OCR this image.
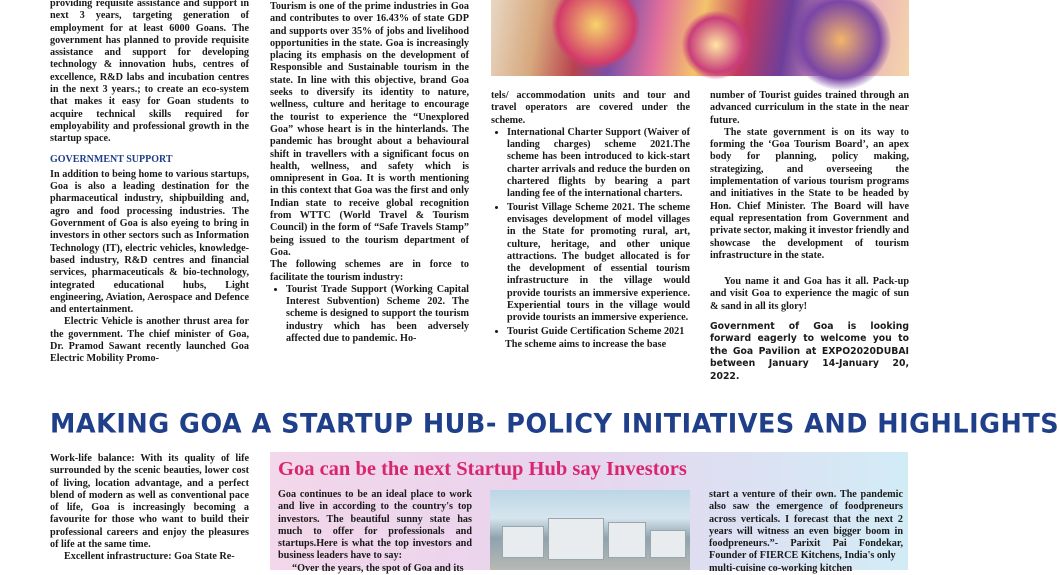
providing requisite assistance and support in next 3 years, targeting generation of employment for at least 6000 Goans. The government has planned to provide requisite assistance and support for developing technology & innovation hubs, centres of excellence, R&D labs and incubation centres in the next 3 years.; to create an eco-system that makes it easy for Goan students to acquire technical skills required for employability and professional growth in the startup space.

GOVERNMENT SUPPORT

In addition to being home to various startups, Goa is also a leading destination for the pharmaceutical industry, shipbuilding and, agro and food processing industries. The Government of Goa is also eyeing to bring in investors in other sectors such as Information Technology (IT), electric vehicles, knowledge-based industry, R&D centres and financial services, pharmaceuticals & bio-technology, integrated educational hubs, Light engineering, Aviation, Aerospace and Defence and entertainment.

Electric Vehicle is another thrust area for the government. The chief minister of Goa, Dr. Pramod Sawant recently launched Goa Electric Mobility Promo-

Tourism is one of the prime industries in Goa and contributes to over 16.43% of state GDP and supports over 35% of jobs and livelihood opportunities in the state. Goa is increasingly placing its emphasis on the development of Responsible and Sustainable tourism in the state. In line with this objective, brand Goa seeks to diversify its identity to nature, wellness, culture and heritage to encourage the tourist to experience the “Unexplored Goa” whose heart is in the hinterlands. The pandemic has brought about a behavioural shift in travellers with a significant focus on health, wellness, and safety which is omnipresent in Goa. It is worth mentioning in this context that Goa was the first and only Indian state to receive global recognition from WTTC (World Travel & Tourism Council) in the form of “Safe Travels Stamp” being issued to the tourism department of Goa.

The following schemes are in force to facilitate the tourism industry:

• Tourist Trade Support (Working Capital Interest Subvention) Scheme 202. The scheme is designed to support the tourism industry which has been adversely affected due to pandemic. Ho-

tels/ accommodation units and tour and travel operators are covered under the scheme.

• International Charter Support (Waiver of landing charges) scheme 2021.The scheme has been introduced to kick-start charter arrivals and reduce the burden on chartered flights by bearing a part landing fee of the international charters.
• Tourist Village Scheme 2021. The scheme envisages development of model villages in the State for promoting rural, art, culture, heritage, and other unique attractions. The budget allocated is for the development of essential tourism infrastructure in the village would provide tourists an immersive experience. Experiential tours in the village would provide tourists an immersive experience.
• Tourist Guide Certification Scheme 2021

The scheme aims to increase the base

number of Tourist guides trained through an advanced curriculum in the state in the near future.

The state government is on its way to forming the ‘Goa Tourism Board’, an apex body for planning, policy making, strategizing, and overseeing the implementation of various tourism programs and initiatives in the State to be headed by Hon. Chief Minister. The Board will have equal representation from Government and private sector, making it investor friendly and showcase the development of tourism infrastructure in the state.

You name it and Goa has it all. Pack-up and visit Goa to experience the magic of sun & sand in all its glory!

Government of Goa is looking forward eagerly to welcome you to the Goa Pavilion at EXPO2020DUBAI between January 14-January 20, 2022.

MAKING GOA A STARTUP HUB- POLICY INITIATIVES AND HIGHLIGHTS

Work-life balance: With its quality of life surrounded by the scenic beauties, lower cost of living, location advantage, and a perfect blend of modern as well as conventional pace of life, Goa is increasingly becoming a favourite for those who want to build their professional careers and enjoy the pleasures of life at the same time.

Excellent infrastructure: Goa State Re-

Goa can be the next Startup Hub say Investors

Goa continues to be an ideal place to work and live in according to the country's top investors. The beautiful sunny state has much to offer for professionals and startups.Here is what the top investors and business leaders have to say:

“Over the years, the spot of Goa and its

start a venture of their own. The pandemic also saw the emergence of foodpreneurs across verticals. I forecast that the next 2 years will witness an even bigger boom in foodpreneurs.”- Parixit Pai Fondekar, Founder of FIERCE Kitchens, India's only

multi-cuisine co-working kitchen
